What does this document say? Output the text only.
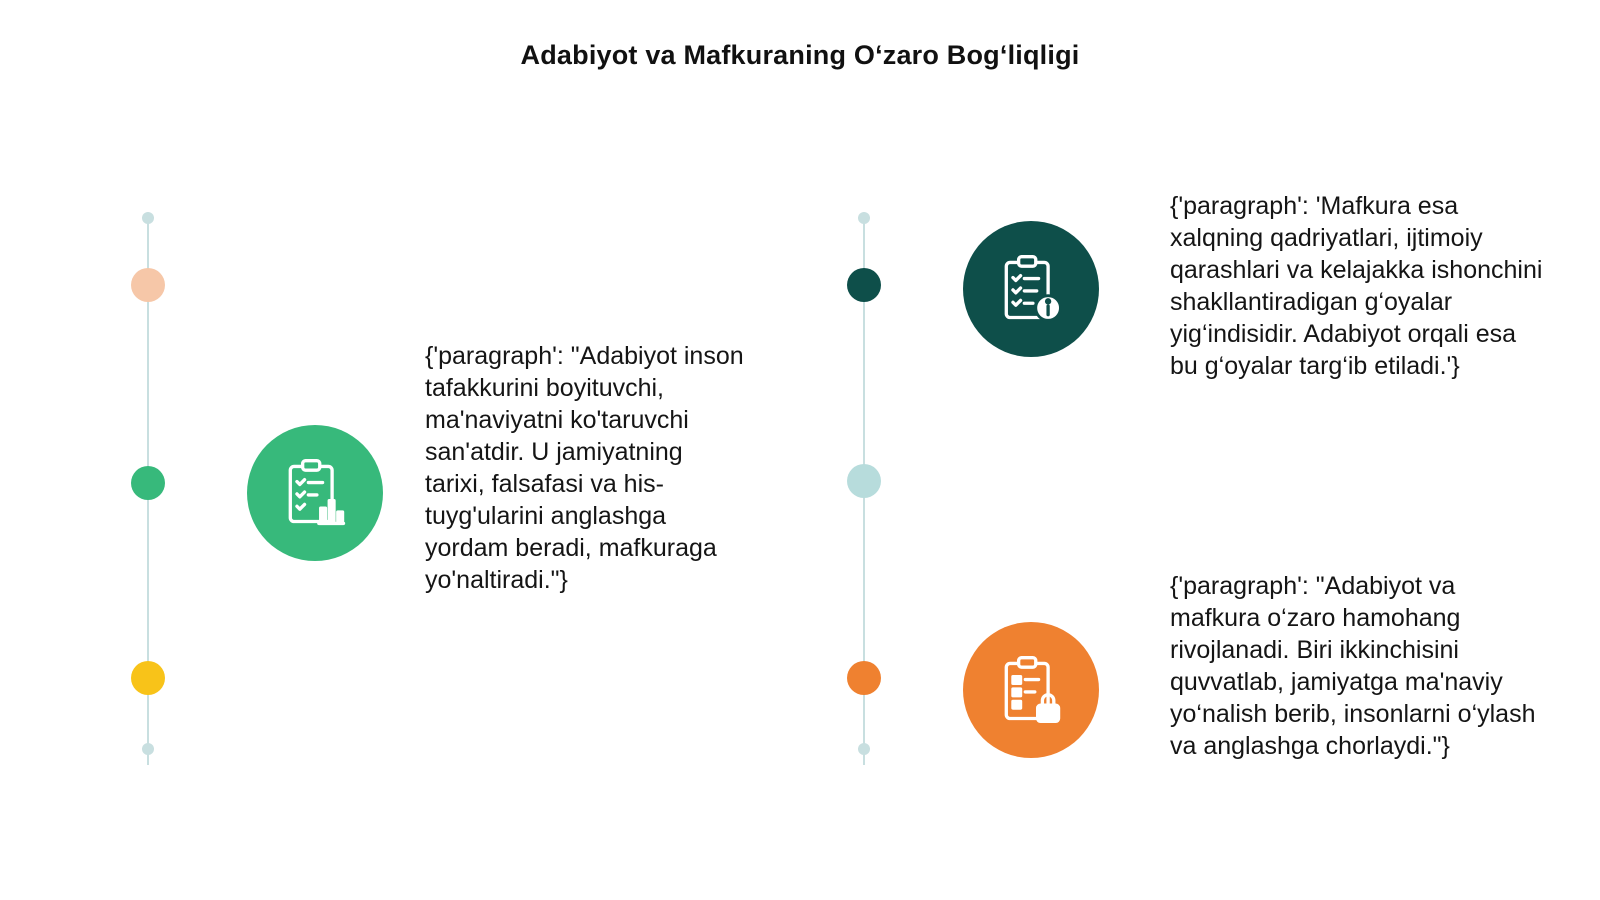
Adabiyot va Mafkuraning O‘zaro Bog‘liqligi
{'paragraph': "Adabiyot inson tafakkurini boyituvchi, ma'naviyatni ko'taruvchi san'atdir. U jamiyatning tarixi, falsafasi va his-tuyg'ularini anglashga yordam beradi, mafkuraga yo'naltiradi."}
{'paragraph': 'Mafkura esa xalqning qadriyatlari, ijtimoiy qarashlari va kelajakka ishonchini shakllantiradigan g‘oyalar yig‘indisidir. Adabiyot orqali esa bu g‘oyalar targ‘ib etiladi.'}
{'paragraph': "Adabiyot va mafkura o‘zaro hamohang rivojlanadi. Biri ikkinchisini quvvatlab, jamiyatga ma'naviy yo‘nalish berib, insonlarni o‘ylash va anglashga chorlaydi."}
